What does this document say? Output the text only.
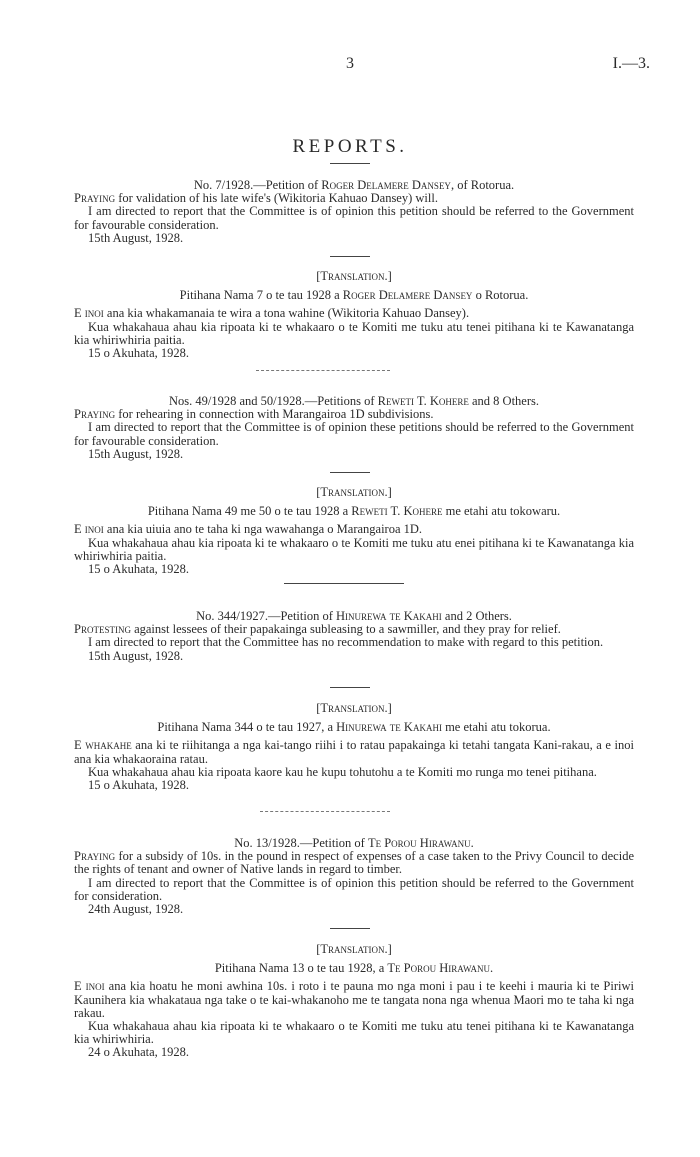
3	I.—3.
REPORTS.

No. 7/1928.—Petition of Roger Delamere Dansey, of Rotorua.

Praying for validation of his late wife's (Wikitoria Kahuao Dansey) will.

I am directed to report that the Committee is of opinion this petition should be referred to the Government for favourable consideration.

15th August, 1928.

[Translation.]

Pitihana Nama 7 o te tau 1928 a Roger Delamere Dansey o Rotorua.

E inoi ana kia whakamanaia te wira a tona wahine (Wikitoria Kahuao Dansey).

Kua whakahaua ahau kia ripoata ki te whakaaro o te Komiti me tuku atu tenei pitihana ki te Kawanatanga kia whiriwhiria paitia.

15 o Akuhata, 1928.

Nos. 49/1928 and 50/1928.—Petitions of Reweti T. Kohere and 8 Others.

Praying for rehearing in connection with Marangairoa 1D subdivisions.

I am directed to report that the Committee is of opinion these petitions should be referred to the Government for favourable consideration.

15th August, 1928.

[Translation.]

Pitihana Nama 49 me 50 o te tau 1928 a Reweti T. Kohere me etahi atu tokowaru.

E inoi ana kia uiuia ano te taha ki nga wawahanga o Marangairoa 1D.

Kua whakahaua ahau kia ripoata ki te whakaaro o te Komiti me tuku atu enei pitihana ki te Kawanatanga kia whiriwhiria paitia.

15 o Akuhata, 1928.

No. 344/1927.—Petition of Hinurewa te Kakahi and 2 Others.

Protesting against lessees of their papakainga subleasing to a sawmiller, and they pray for relief.

I am directed to report that the Committee has no recommendation to make with regard to this petition.

15th August, 1928.

[Translation.]

Pitihana Nama 344 o te tau 1927, a Hinurewa te Kakahi me etahi atu tokorua.

E whakahe ana ki te riihitanga a nga kai-tango riihi i to ratau papakainga ki tetahi tangata Kani-rakau, a e inoi ana kia whakaoraina ratau.

Kua whakahaua ahau kia ripoata kaore kau he kupu tohutohu a te Komiti mo runga mo tenei pitihana.

15 o Akuhata, 1928.

No. 13/1928.—Petition of Te Porou Hirawanu.

Praying for a subsidy of 10s. in the pound in respect of expenses of a case taken to the Privy Council to decide the rights of tenant and owner of Native lands in regard to timber.

I am directed to report that the Committee is of opinion this petition should be referred to the Government for consideration.

24th August, 1928.

[Translation.]

Pitihana Nama 13 o te tau 1928, a Te Porou Hirawanu.

E inoi ana kia hoatu he moni awhina 10s. i roto i te pauna mo nga moni i pau i te keehi i mauria ki te Piriwi Kaunihera kia whakataua nga take o te kai-whakanoho me te tangata nona nga whenua Maori mo te taha ki nga rakau.

Kua whakahaua ahau kia ripoata ki te whakaaro o te Komiti me tuku atu tenei pitihana ki te Kawanatanga kia whiriwhiria.

24 o Akuhata, 1928.
